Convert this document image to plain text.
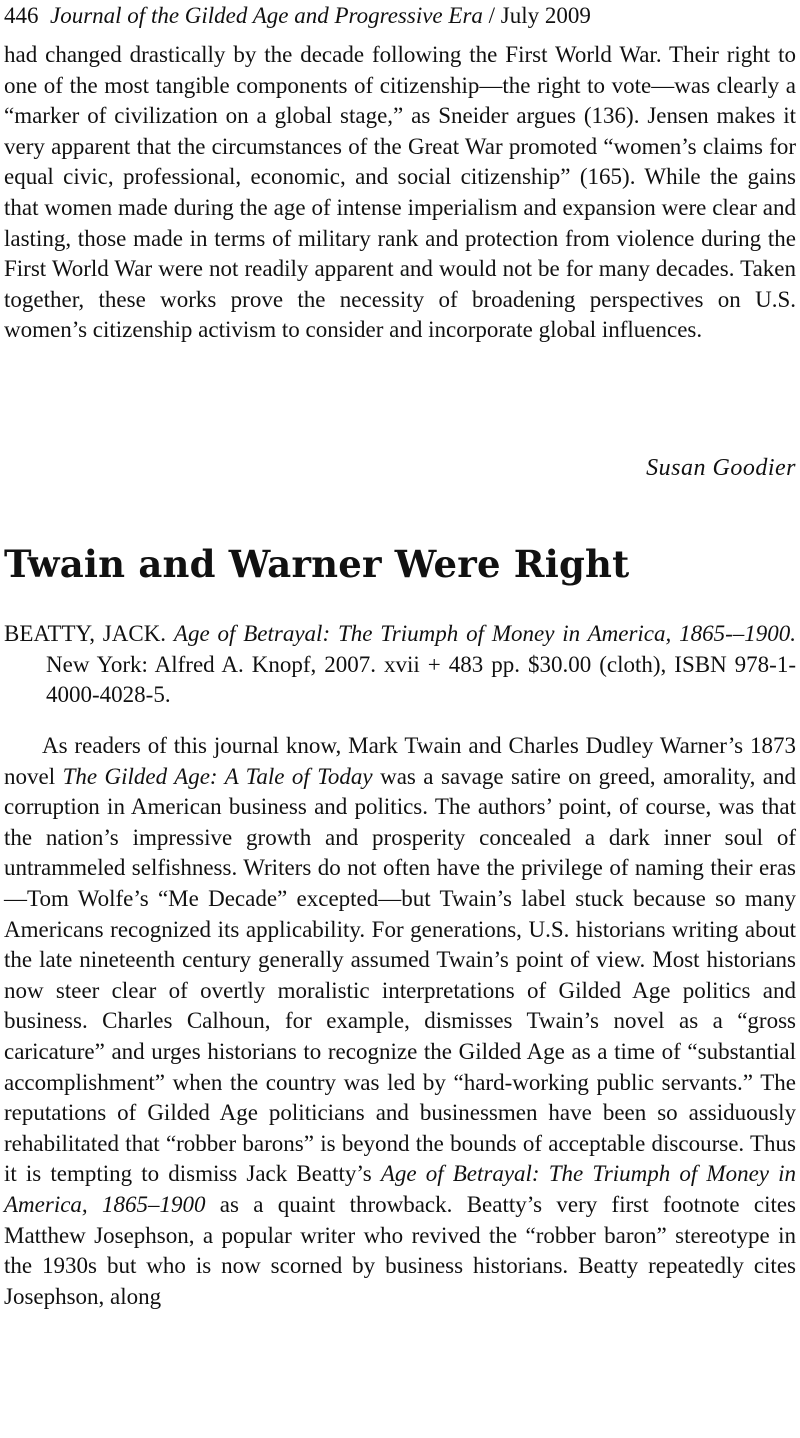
446 Journal of the Gilded Age and Progressive Era / July 2009

had changed drastically by the decade following the First World War. Their right to one of the most tangible components of citizenship—the right to vote—was clearly a “marker of civilization on a global stage,” as Sneider argues (136). Jensen makes it very apparent that the circumstances of the Great War promoted “women’s claims for equal civic, professional, economic, and social citizenship” (165). While the gains that women made during the age of intense imperialism and expansion were clear and lasting, those made in terms of military rank and protection from violence during the First World War were not readily apparent and would not be for many decades. Taken together, these works prove the necessity of broadening perspectives on U.S. women’s citizenship activism to consider and incorporate global influences.

Susan Goodier

Twain and Warner Were Right

BEATTY, JACK. Age of Betrayal: The Triumph of Money in America, 1865-–1900. New York: Alfred A. Knopf, 2007. xvii + 483 pp. $30.00 (cloth), ISBN 978-1-4000-4028-5.

As readers of this journal know, Mark Twain and Charles Dudley Warner’s 1873 novel The Gilded Age: A Tale of Today was a savage satire on greed, amorality, and corruption in American business and politics. The authors’ point, of course, was that the nation’s impressive growth and prosperity concealed a dark inner soul of untrammeled selfishness. Writers do not often have the privilege of naming their eras—Tom Wolfe’s “Me Decade” excepted—but Twain’s label stuck because so many Americans recognized its applicability. For generations, U.S. historians writing about the late nineteenth century generally assumed Twain’s point of view. Most historians now steer clear of overtly moralistic interpretations of Gilded Age politics and business. Charles Calhoun, for example, dismisses Twain’s novel as a “gross caricature” and urges historians to recognize the Gilded Age as a time of “substantial accomplishment” when the country was led by “hard-working public servants.” The reputations of Gilded Age politicians and businessmen have been so assiduously rehabilitated that “robber barons” is beyond the bounds of acceptable discourse. Thus it is tempting to dismiss Jack Beatty’s Age of Betrayal: The Triumph of Money in America, 1865–1900 as a quaint throwback. Beatty’s very first footnote cites Matthew Josephson, a popular writer who revived the “robber baron” stereotype in the 1930s but who is now scorned by business historians. Beatty repeatedly cites Josephson, along
